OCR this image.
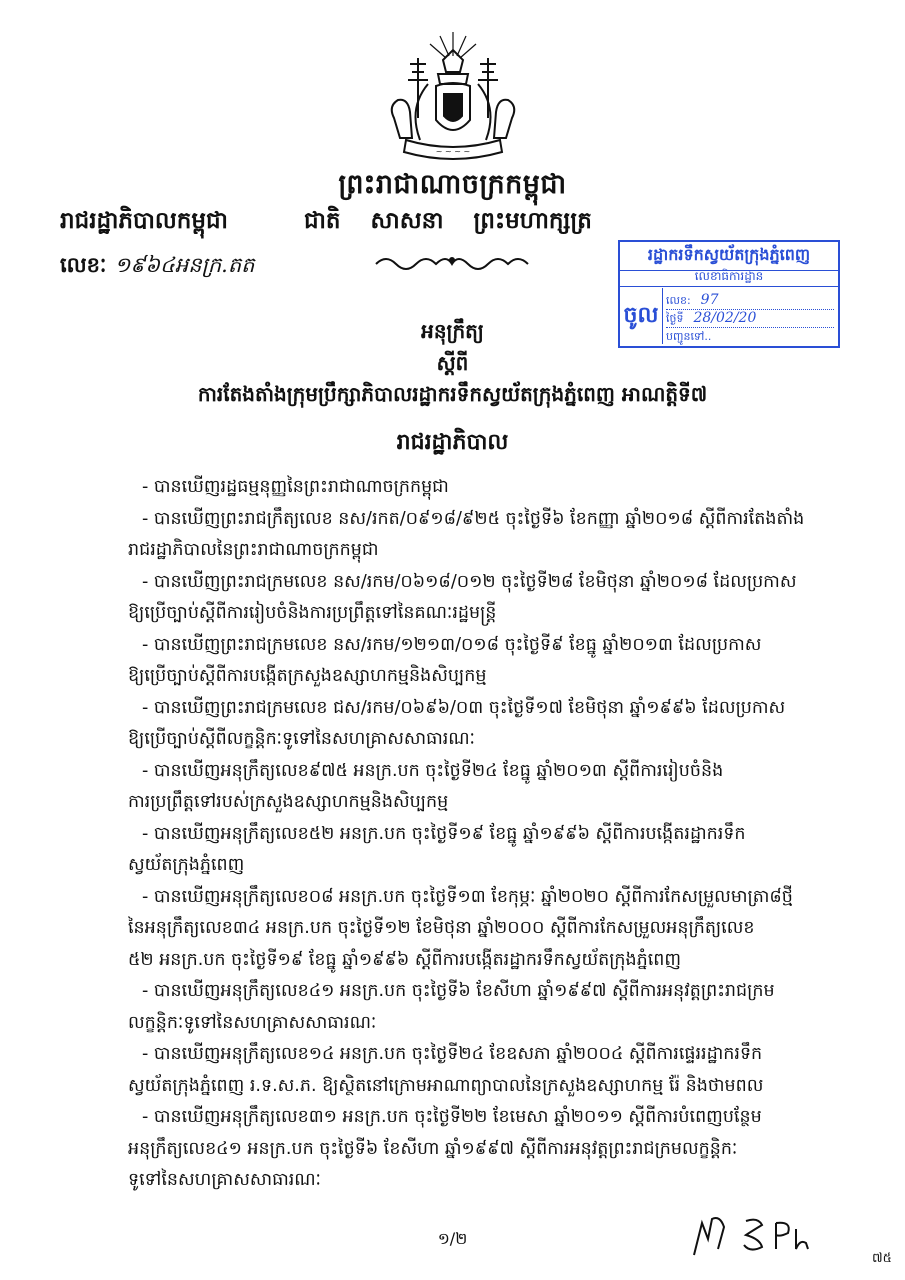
~ ~ ~ ~
ព្រះរាជាណាចក្រកម្ពុជា
រាជរដ្ឋាភិបាលកម្ពុជា	ជាតិ សាសនា ព្រះមហាក្សត្រ
លេខៈ ១៩៦៤អនក្រ.តត	រដ្ឋាករទឹកស្វយ័តក្រុងភ្នំពេញ
លេខាធិការដ្ឋាន
ចូល
លេខ: 97
ថ្ងៃទី 28/02/20
បញ្ជូនទៅ..
អនុក្រឹត្យ
ស្តីពី
ការតែងតាំងក្រុមប្រឹក្សាភិបាលរដ្ឋាករទឹកស្វយ័តក្រុងភ្នំពេញ អាណត្តិទី៧
រាជរដ្ឋាភិបាល
- បានឃើញរដ្ឋធម្មនុញ្ញនៃព្រះរាជាណាចក្រកម្ពុជា
- បានឃើញព្រះរាជក្រឹត្យលេខ នស/រកត/០៩១៨/៩២៥ ចុះថ្ងៃទី៦ ខែកញ្ញា ឆ្នាំ២០១៨ ស្តីពីការតែងតាំង
រាជរដ្ឋាភិបាលនៃព្រះរាជាណាចក្រកម្ពុជា
- បានឃើញព្រះរាជក្រមលេខ នស/រកម/០៦១៨/០១២ ចុះថ្ងៃទី២៨ ខែមិថុនា ឆ្នាំ២០១៨ ដែលប្រកាស
ឱ្យប្រើច្បាប់ស្តីពីការរៀបចំនិងការប្រព្រឹត្តទៅនៃគណៈរដ្ឋមន្ត្រី
- បានឃើញព្រះរាជក្រមលេខ នស/រកម/១២១៣/០១៨ ចុះថ្ងៃទី៩ ខែធ្នូ ឆ្នាំ២០១៣ ដែលប្រកាស
ឱ្យប្រើច្បាប់ស្តីពីការបង្កើតក្រសួងឧស្សាហកម្មនិងសិប្បកម្ម
- បានឃើញព្រះរាជក្រមលេខ ជស/រកម/០៦៩៦/០៣ ចុះថ្ងៃទី១៧ ខែមិថុនា ឆ្នាំ១៩៩៦ ដែលប្រកាស
ឱ្យប្រើច្បាប់ស្តីពីលក្ខន្តិកៈទូទៅនៃសហគ្រាសសាធារណៈ
- បានឃើញអនុក្រឹត្យលេខ៩៧៥ អនក្រ.បក ចុះថ្ងៃទី២៤ ខែធ្នូ ឆ្នាំ២០១៣ ស្តីពីការរៀបចំនិង
ការប្រព្រឹត្តទៅរបស់ក្រសួងឧស្សាហកម្មនិងសិប្បកម្ម
- បានឃើញអនុក្រឹត្យលេខ៥២ អនក្រ.បក ចុះថ្ងៃទី១៩ ខែធ្នូ ឆ្នាំ១៩៩៦ ស្តីពីការបង្កើតរដ្ឋាករទឹក
ស្វយ័តក្រុងភ្នំពេញ
- បានឃើញអនុក្រឹត្យលេខ០៨ អនក្រ.បក ចុះថ្ងៃទី១៣ ខែកុម្ភៈ ឆ្នាំ២០២០ ស្តីពីការកែសម្រួលមាត្រា៨ថ្មី
នៃអនុក្រឹត្យលេខ៣៤ អនក្រ.បក ចុះថ្ងៃទី១២ ខែមិថុនា ឆ្នាំ២០០០ ស្តីពីការកែសម្រួលអនុក្រឹត្យលេខ
៥២ អនក្រ.បក ចុះថ្ងៃទី១៩ ខែធ្នូ ឆ្នាំ១៩៩៦ ស្តីពីការបង្កើតរដ្ឋាករទឹកស្វយ័តក្រុងភ្នំពេញ
- បានឃើញអនុក្រឹត្យលេខ៤១ អនក្រ.បក ចុះថ្ងៃទី៦ ខែសីហា ឆ្នាំ១៩៩៧ ស្តីពីការអនុវត្តព្រះរាជក្រម
លក្ខន្តិកៈទូទៅនៃសហគ្រាសសាធារណៈ
- បានឃើញអនុក្រឹត្យលេខ១៤ អនក្រ.បក ចុះថ្ងៃទី២៤ ខែឧសភា ឆ្នាំ២០០៤ ស្តីពីការផ្ទេររដ្ឋាករទឹក
ស្វយ័តក្រុងភ្នំពេញ រ.ទ.ស.ភ. ឱ្យស្ថិតនៅក្រោមអាណាព្យាបាលនៃក្រសួងឧស្សាហកម្ម រ៉ែ និងថាមពល
- បានឃើញអនុក្រឹត្យលេខ៣១ អនក្រ.បក ចុះថ្ងៃទី២២ ខែមេសា ឆ្នាំ២០១១ ស្តីពីការបំពេញបន្ថែម
អនុក្រឹត្យលេខ៤១ អនក្រ.បក ចុះថ្ងៃទី៦ ខែសីហា ឆ្នាំ១៩៩៧ ស្តីពីការអនុវត្តព្រះរាជក្រមលក្ខន្តិកៈ
ទូទៅនៃសហគ្រាសសាធារណៈ
១/២
៧៥
